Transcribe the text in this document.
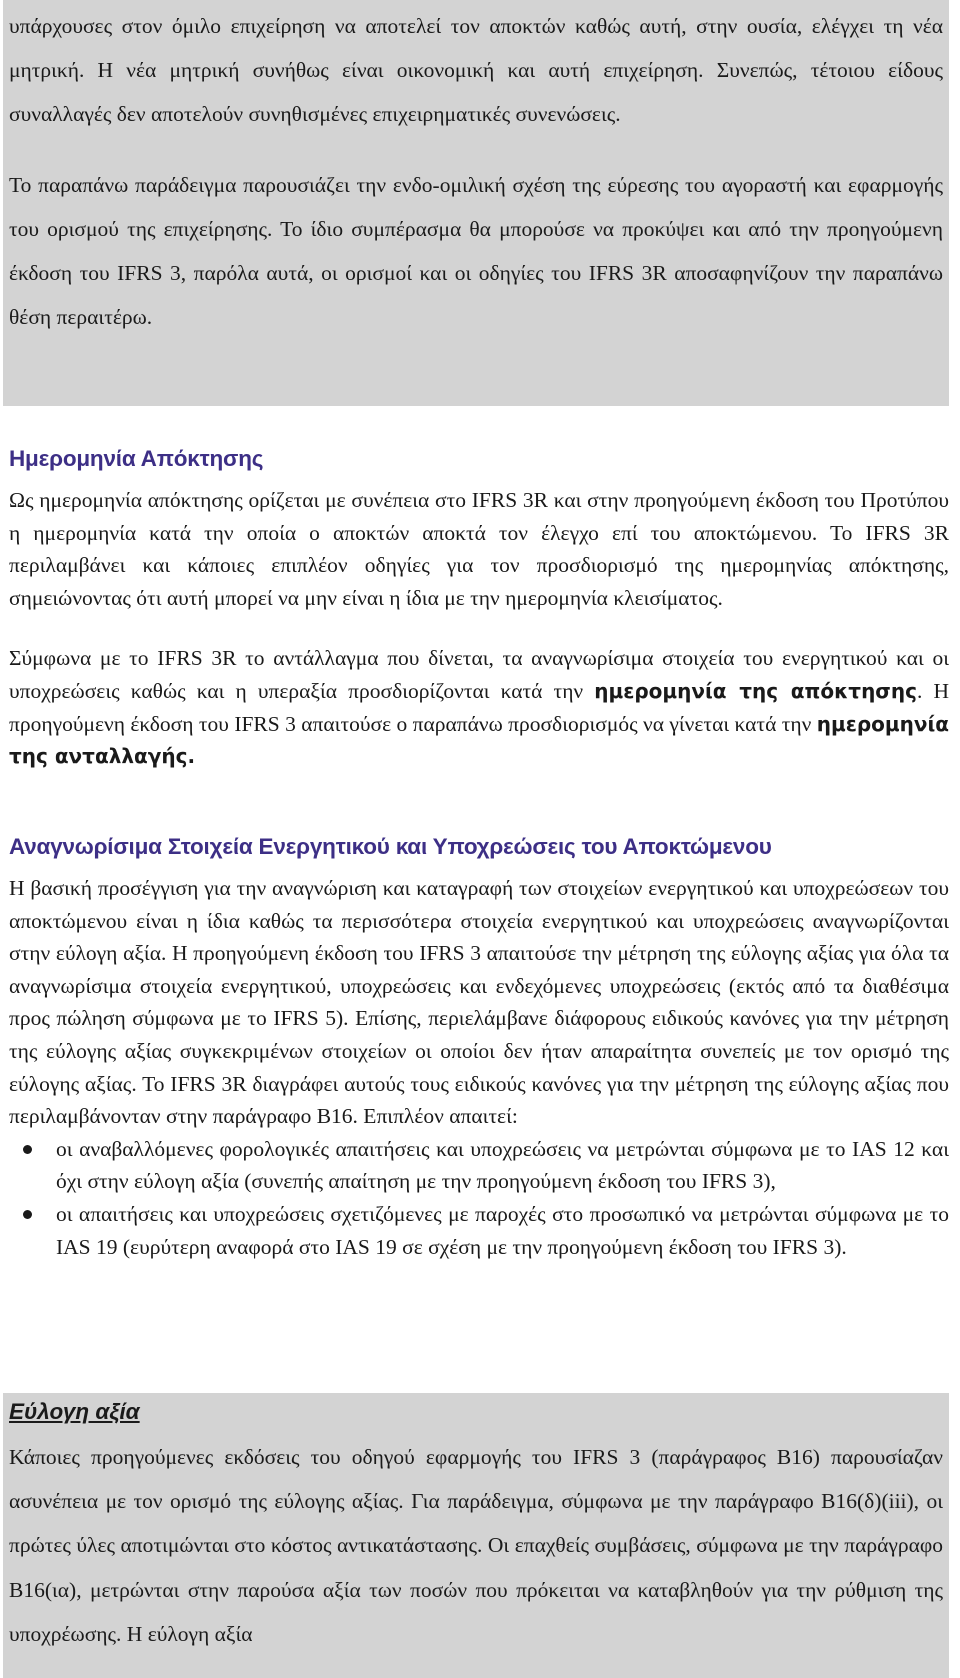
υπάρχουσες στον όμιλο επιχείρηση να αποτελεί τον αποκτών καθώς αυτή, στην ουσία, ελέγχει τη νέα μητρική. Η νέα μητρική συνήθως είναι οικονομική και αυτή επιχείρηση. Συνεπώς, τέτοιου είδους συναλλαγές δεν αποτελούν συνηθισμένες επιχειρηματικές συνενώσεις.

Το παραπάνω παράδειγμα παρουσιάζει την ενδο-ομιλική σχέση της εύρεσης του αγοραστή και εφαρμογής του ορισμού της επιχείρησης. Το ίδιο συμπέρασμα θα μπορούσε να προκύψει και από την προηγούμενη έκδοση του IFRS 3, παρόλα αυτά, οι ορισμοί και οι οδηγίες του IFRS 3R αποσαφηνίζουν την παραπάνω θέση περαιτέρω.

Ημερομηνία Απόκτησης

Ως ημερομηνία απόκτησης ορίζεται με συνέπεια στο IFRS 3R και στην προηγούμενη έκδοση του Προτύπου η ημερομηνία κατά την οποία ο αποκτών αποκτά τον έλεγχο επί του αποκτώμενου. Το IFRS 3R περιλαμβάνει και κάποιες επιπλέον οδηγίες για τον προσδιορισμό της ημερομηνίας απόκτησης, σημειώνοντας ότι αυτή μπορεί να μην είναι η ίδια με την ημερομηνία κλεισίματος.

Σύμφωνα με το IFRS 3R το αντάλλαγμα που δίνεται, τα αναγνωρίσιμα στοιχεία του ενεργητικού και οι υποχρεώσεις καθώς και η υπεραξία προσδιορίζονται κατά την ημερομηνία της απόκτησης. Η προηγούμενη έκδοση του IFRS 3 απαιτούσε ο παραπάνω προσδιορισμός να γίνεται κατά την ημερομηνία της ανταλλαγής.

Αναγνωρίσιμα Στοιχεία Ενεργητικού και Υποχρεώσεις του Αποκτώμενου

Η βασική προσέγγιση για την αναγνώριση και καταγραφή των στοιχείων ενεργητικού και υποχρεώσεων του αποκτώμενου είναι η ίδια καθώς τα περισσότερα στοιχεία ενεργητικού και υποχρεώσεις αναγνωρίζονται στην εύλογη αξία. Η προηγούμενη έκδοση του IFRS 3 απαιτούσε την μέτρηση της εύλογης αξίας για όλα τα αναγνωρίσιμα στοιχεία ενεργητικού, υποχρεώσεις και ενδεχόμενες υποχρεώσεις (εκτός από τα διαθέσιμα προς πώληση σύμφωνα με το IFRS 5). Επίσης, περιελάμβανε διάφορους ειδικούς κανόνες για την μέτρηση της εύλογης αξίας συγκεκριμένων στοιχείων οι οποίοι δεν ήταν απαραίτητα συνεπείς με τον ορισμό της εύλογης αξίας. Το IFRS 3R διαγράφει αυτούς τους ειδικούς κανόνες για την μέτρηση της εύλογης αξίας που περιλαμβάνονταν στην παράγραφο Β16. Επιπλέον απαιτεί:

οι αναβαλλόμενες φορολογικές απαιτήσεις και υποχρεώσεις να μετρώνται σύμφωνα με το IAS 12 και όχι στην εύλογη αξία (συνεπής απαίτηση με την προηγούμενη έκδοση του IFRS 3),
οι απαιτήσεις και υποχρεώσεις σχετιζόμενες με παροχές στο προσωπικό να μετρώνται σύμφωνα με το IAS 19 (ευρύτερη αναφορά στο IAS 19 σε σχέση με την προηγούμενη έκδοση του IFRS 3).
Εύλογη αξία

Κάποιες προηγούμενες εκδόσεις του οδηγού εφαρμογής του IFRS 3 (παράγραφος Β16) παρουσίαζαν ασυνέπεια με τον ορισμό της εύλογης αξίας. Για παράδειγμα, σύμφωνα με την παράγραφο Β16(δ)(iii), οι πρώτες ύλες αποτιμώνται στο κόστος αντικατάστασης. Οι επαχθείς συμβάσεις, σύμφωνα με την παράγραφο Β16(ια), μετρώνται στην παρούσα αξία των ποσών που πρόκειται να καταβληθούν για την ρύθμιση της υποχρέωσης. Η εύλογη αξία
